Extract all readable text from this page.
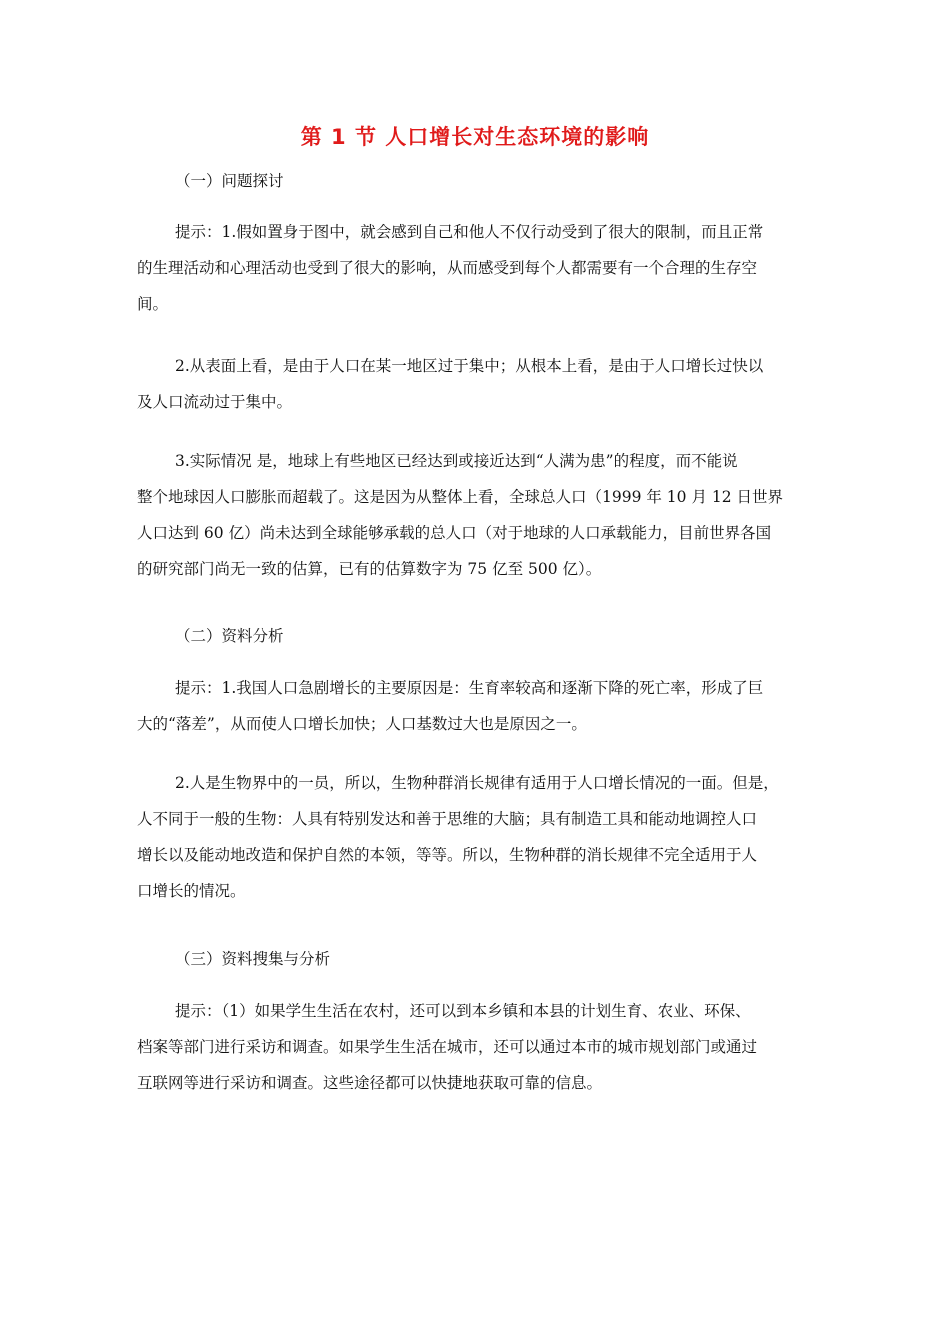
第 1 节 人口增长对生态环境的影响
（一）问题探讨
提示：1.假如置身于图中，就会感到自己和他人不仅行动受到了很大的限制，而且正常
的生理活动和心理活动也受到了很大的影响，从而感受到每个人都需要有一个合理的生存空
间。
2.从表面上看，是由于人口在某一地区过于集中；从根本上看，是由于人口增长过快以
及人口流动过于集中。
3.实际情况 是，地球上有些地区已经达到或接近达到“人满为患”的程度，而不能说
整个地球因人口膨胀而超载了。这是因为从整体上看，全球总人口（1999 年 10 月 12 日世界
人口达到 60 亿）尚未达到全球能够承载的总人口（对于地球的人口承载能力，目前世界各国
的研究部门尚无一致的估算，已有的估算数字为 75 亿至 500 亿）。
（二）资料分析
提示：1.我国人口急剧增长的主要原因是：生育率较高和逐渐下降的死亡率，形成了巨
大的“落差”，从而使人口增长加快；人口基数过大也是原因之一。
2.人是生物界中的一员，所以，生物种群消长规律有适用于人口增长情况的一面。但是，
人不同于一般的生物：人具有特别发达和善于思维的大脑；具有制造工具和能动地调控人口
增长以及能动地改造和保护自然的本领，等等。所以，生物种群的消长规律不完全适用于人
口增长的情况。
（三）资料搜集与分析
提示：（1）如果学生生活在农村，还可以到本乡镇和本县的计划生育、农业、环保、
档案等部门进行采访和调查。如果学生生活在城市，还可以通过本市的城市规划部门或通过
互联网等进行采访和调查。这些途径都可以快捷地获取可靠的信息。
